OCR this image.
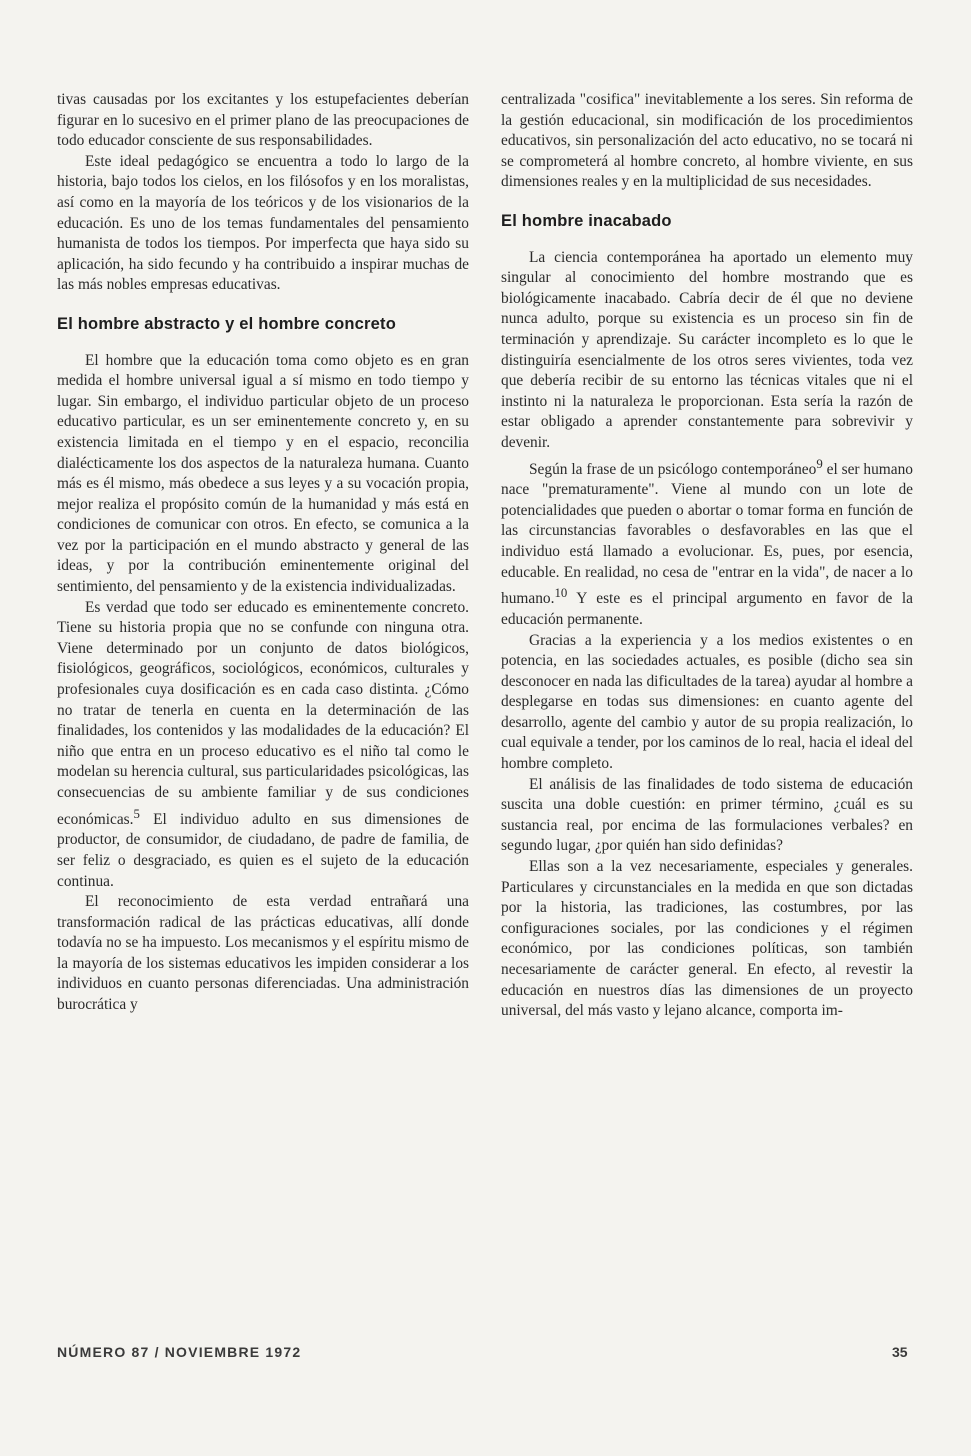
tivas causadas por los excitantes y los estupefacientes deberían figurar en lo sucesivo en el primer plano de las preocupaciones de todo educador consciente de sus responsabilidades.

Este ideal pedagógico se encuentra a todo lo largo de la historia, bajo todos los cielos, en los filósofos y en los moralistas, así como en la mayoría de los teóricos y de los visionarios de la educación. Es uno de los temas fundamentales del pensamiento humanista de todos los tiempos. Por imperfecta que haya sido su aplicación, ha sido fecundo y ha contribuido a inspirar muchas de las más nobles empresas educativas.

El hombre abstracto y el hombre concreto

El hombre que la educación toma como objeto es en gran medida el hombre universal igual a sí mismo en todo tiempo y lugar. Sin embargo, el individuo particular objeto de un proceso educativo particular, es un ser eminentemente concreto y, en su existencia limitada en el tiempo y en el espacio, reconcilia dialécticamente los dos aspectos de la naturaleza humana. Cuanto más es él mismo, más obedece a sus leyes y a su vocación propia, mejor realiza el propósito común de la humanidad y más está en condiciones de comunicar con otros. En efecto, se comunica a la vez por la participación en el mundo abstracto y general de las ideas, y por la contribución eminentemente original del sentimiento, del pensamiento y de la existencia individualizadas.

Es verdad que todo ser educado es eminentemente concreto. Tiene su historia propia que no se confunde con ninguna otra. Viene determinado por un conjunto de datos biológicos, fisiológicos, geográficos, sociológicos, económicos, culturales y profesionales cuya dosificación es en cada caso distinta. ¿Cómo no tratar de tenerla en cuenta en la determinación de las finalidades, los contenidos y las modalidades de la educación? El niño que entra en un proceso educativo es el niño tal como le modelan su herencia cultural, sus particularidades psicológicas, las consecuencias de su ambiente familiar y de sus condiciones económicas.$^5$ El individuo adulto en sus dimensiones de productor, de consumidor, de ciudadano, de padre de familia, de ser feliz o desgraciado, es quien es el sujeto de la educación continua.

El reconocimiento de esta verdad entrañará una transformación radical de las prácticas educativas, allí donde todavía no se ha impuesto. Los mecanismos y el espíritu mismo de la mayoría de los sistemas educativos les impiden considerar a los individuos en cuanto personas diferenciadas. Una administración burocrática y

centralizada "cosifica" inevitablemente a los seres. Sin reforma de la gestión educacional, sin modificación de los procedimientos educativos, sin personalización del acto educativo, no se tocará ni se comprometerá al hombre concreto, al hombre viviente, en sus dimensiones reales y en la multiplicidad de sus necesidades.

El hombre inacabado

La ciencia contemporánea ha aportado un elemento muy singular al conocimiento del hombre mostrando que es biológicamente inacabado. Cabría decir de él que no deviene nunca adulto, porque su existencia es un proceso sin fin de terminación y aprendizaje. Su carácter incompleto es lo que le distinguiría esencialmente de los otros seres vivientes, toda vez que debería recibir de su entorno las técnicas vitales que ni el instinto ni la naturaleza le proporcionan. Esta sería la razón de estar obligado a aprender constantemente para sobrevivir y devenir.

Según la frase de un psicólogo contemporáneo$^9$ el ser humano nace "prematuramente". Viene al mundo con un lote de potencialidades que pueden o abortar o tomar forma en función de las circunstancias favorables o desfavorables en las que el individuo está llamado a evolucionar. Es, pues, por esencia, educable. En realidad, no cesa de "entrar en la vida", de nacer a lo humano.$^{10}$ Y este es el principal argumento en favor de la educación permanente.

Gracias a la experiencia y a los medios existentes o en potencia, en las sociedades actuales, es posible (dicho sea sin desconocer en nada las dificultades de la tarea) ayudar al hombre a desplegarse en todas sus dimensiones: en cuanto agente del desarrollo, agente del cambio y autor de su propia realización, lo cual equivale a tender, por los caminos de lo real, hacia el ideal del hombre completo.

El análisis de las finalidades de todo sistema de educación suscita una doble cuestión: en primer término, ¿cuál es su sustancia real, por encima de las formulaciones verbales? en segundo lugar, ¿por quién han sido definidas?

Ellas son a la vez necesariamente, especiales y generales. Particulares y circunstanciales en la medida en que son dictadas por la historia, las tradiciones, las costumbres, por las configuraciones sociales, por las condiciones y el régimen económico, por las condiciones políticas, son también necesariamente de carácter general. En efecto, al revestir la educación en nuestros días las dimensiones de un proyecto universal, del más vasto y lejano alcance, comporta im-

NÚMERO 87 / NOVIEMBRE 1972	35
